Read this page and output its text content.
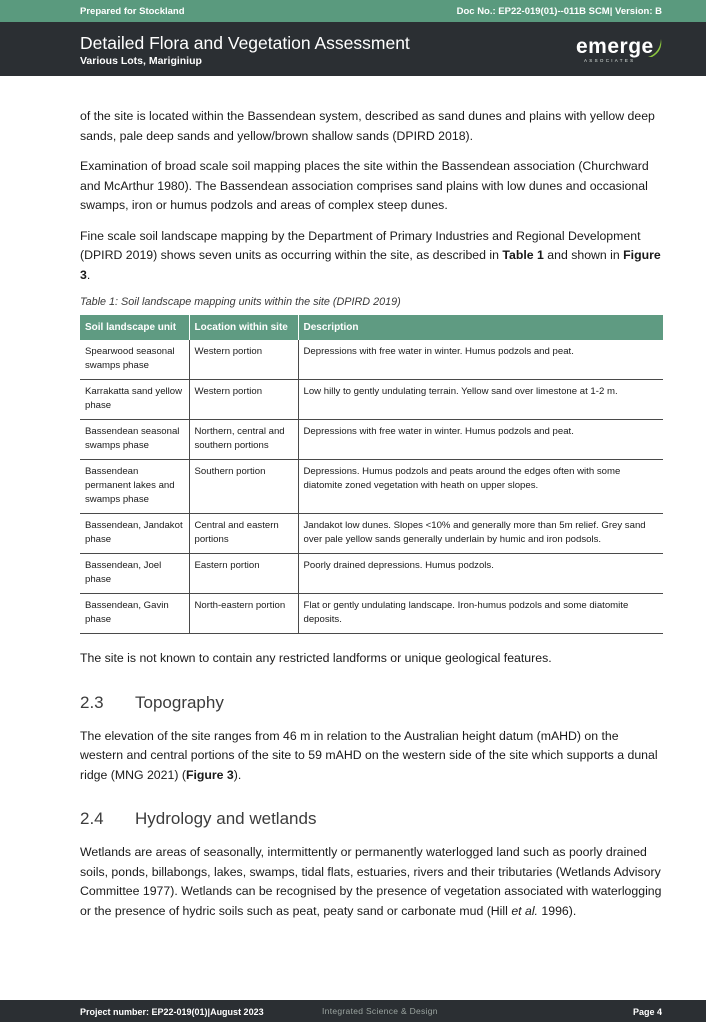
Prepared for Stockland	Doc No.: EP22-019(01)--011B SCM| Version: B
Detailed Flora and Vegetation Assessment
Various Lots, Mariginiup
emerge
ASSOCIATES

of the site is located within the Bassendean system, described as sand dunes and plains with yellow deep sands, pale deep sands and yellow/brown shallow sands (DPIRD 2018).

Examination of broad scale soil mapping places the site within the Bassendean association (Churchward and McArthur 1980). The Bassendean association comprises sand plains with low dunes and occasional swamps, iron or humus podzols and areas of complex steep dunes.

Fine scale soil landscape mapping by the Department of Primary Industries and Regional Development (DPIRD 2019) shows seven units as occurring within the site, as described in Table 1 and shown in Figure 3.

Table 1: Soil landscape mapping units within the site (DPIRD 2019)
Soil landscape unit	Location within site	Description
Spearwood seasonal swamps phase	Western portion	Depressions with free water in winter. Humus podzols and peat.
Karrakatta sand yellow phase	Western portion	Low hilly to gently undulating terrain. Yellow sand over limestone at 1-2 m.
Bassendean seasonal swamps phase	Northern, central and southern portions	Depressions with free water in winter. Humus podzols and peat.
Bassendean permanent lakes and swamps phase	Southern portion	Depressions. Humus podzols and peats around the edges often with some diatomite zoned vegetation with heath on upper slopes.
Bassendean, Jandakot phase	Central and eastern portions	Jandakot low dunes. Slopes <10% and generally more than 5m relief. Grey sand over pale yellow sands generally underlain by humic and iron podsols.
Bassendean, Joel phase	Eastern portion	Poorly drained depressions. Humus podzols.
Bassendean, Gavin phase	North-eastern portion	Flat or gently undulating landscape. Iron-humus podzols and some diatomite deposits.

The site is not known to contain any restricted landforms or unique geological features.

2.3 Topography

The elevation of the site ranges from 46 m in relation to the Australian height datum (mAHD) on the western and central portions of the site to 59 mAHD on the western side of the site which supports a dunal ridge (MNG 2021) (Figure 3).

2.4 Hydrology and wetlands

Wetlands are areas of seasonally, intermittently or permanently waterlogged land such as poorly drained soils, ponds, billabongs, lakes, swamps, tidal flats, estuaries, rivers and their tributaries (Wetlands Advisory Committee 1977). Wetlands can be recognised by the presence of vegetation associated with waterlogging or the presence of hydric soils such as peat, peaty sand or carbonate mud (Hill et al. 1996).

Project number: EP22-019(01)|August 2023	Integrated Science & Design	Page 4
